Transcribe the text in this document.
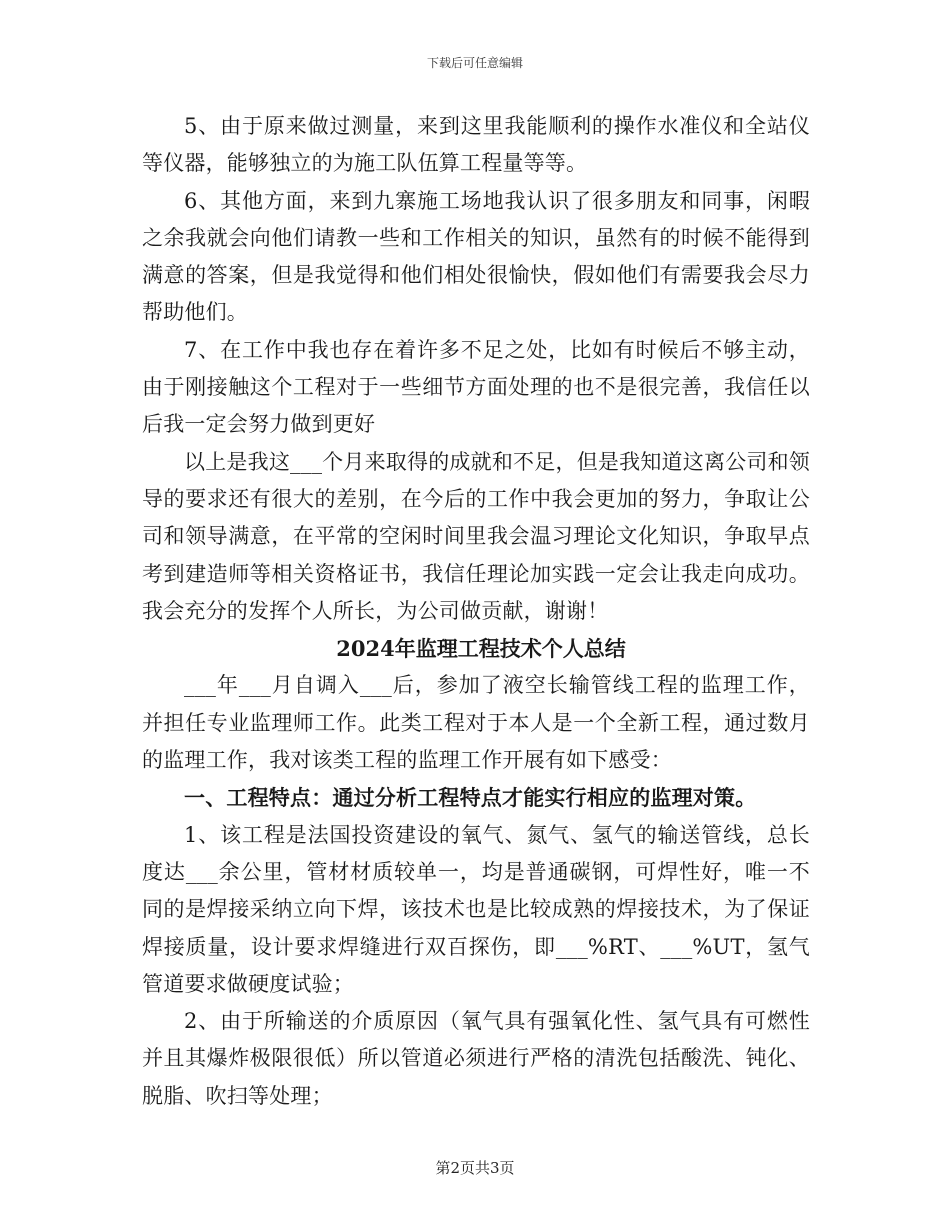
下载后可任意编辑

5、由于原来做过测量，来到这里我能顺利的操作水准仪和全站仪等仪器，能够独立的为施工队伍算工程量等等。

6、其他方面，来到九寨施工场地我认识了很多朋友和同事，闲暇之余我就会向他们请教一些和工作相关的知识，虽然有的时候不能得到满意的答案，但是我觉得和他们相处很愉快，假如他们有需要我会尽力帮助他们。

7、在工作中我也存在着许多不足之处，比如有时候后不够主动，由于刚接触这个工程对于一些细节方面处理的也不是很完善，我信任以后我一定会努力做到更好

以上是我这___个月来取得的成就和不足，但是我知道这离公司和领导的要求还有很大的差别，在今后的工作中我会更加的努力，争取让公司和领导满意，在平常的空闲时间里我会温习理论文化知识，争取早点考到建造师等相关资格证书，我信任理论加实践一定会让我走向成功。我会充分的发挥个人所长，为公司做贡献，谢谢！

2024年监理工程技术个人总结

___年___月自调入___后，参加了液空长输管线工程的监理工作，并担任专业监理师工作。此类工程对于本人是一个全新工程，通过数月的监理工作，我对该类工程的监理工作开展有如下感受：

一、工程特点：通过分析工程特点才能实行相应的监理对策。

1、该工程是法国投资建设的氧气、氮气、氢气的输送管线，总长度达___余公里，管材材质较单一，均是普通碳钢，可焊性好，唯一不同的是焊接采纳立向下焊，该技术也是比较成熟的焊接技术，为了保证焊接质量，设计要求焊缝进行双百探伤，即___%RT、___%UT，氢气管道要求做硬度试验；

2、由于所输送的介质原因（氧气具有强氧化性、氢气具有可燃性并且其爆炸极限很低）所以管道必须进行严格的清洗包括酸洗、钝化、脱脂、吹扫等处理；

第2页共3页
